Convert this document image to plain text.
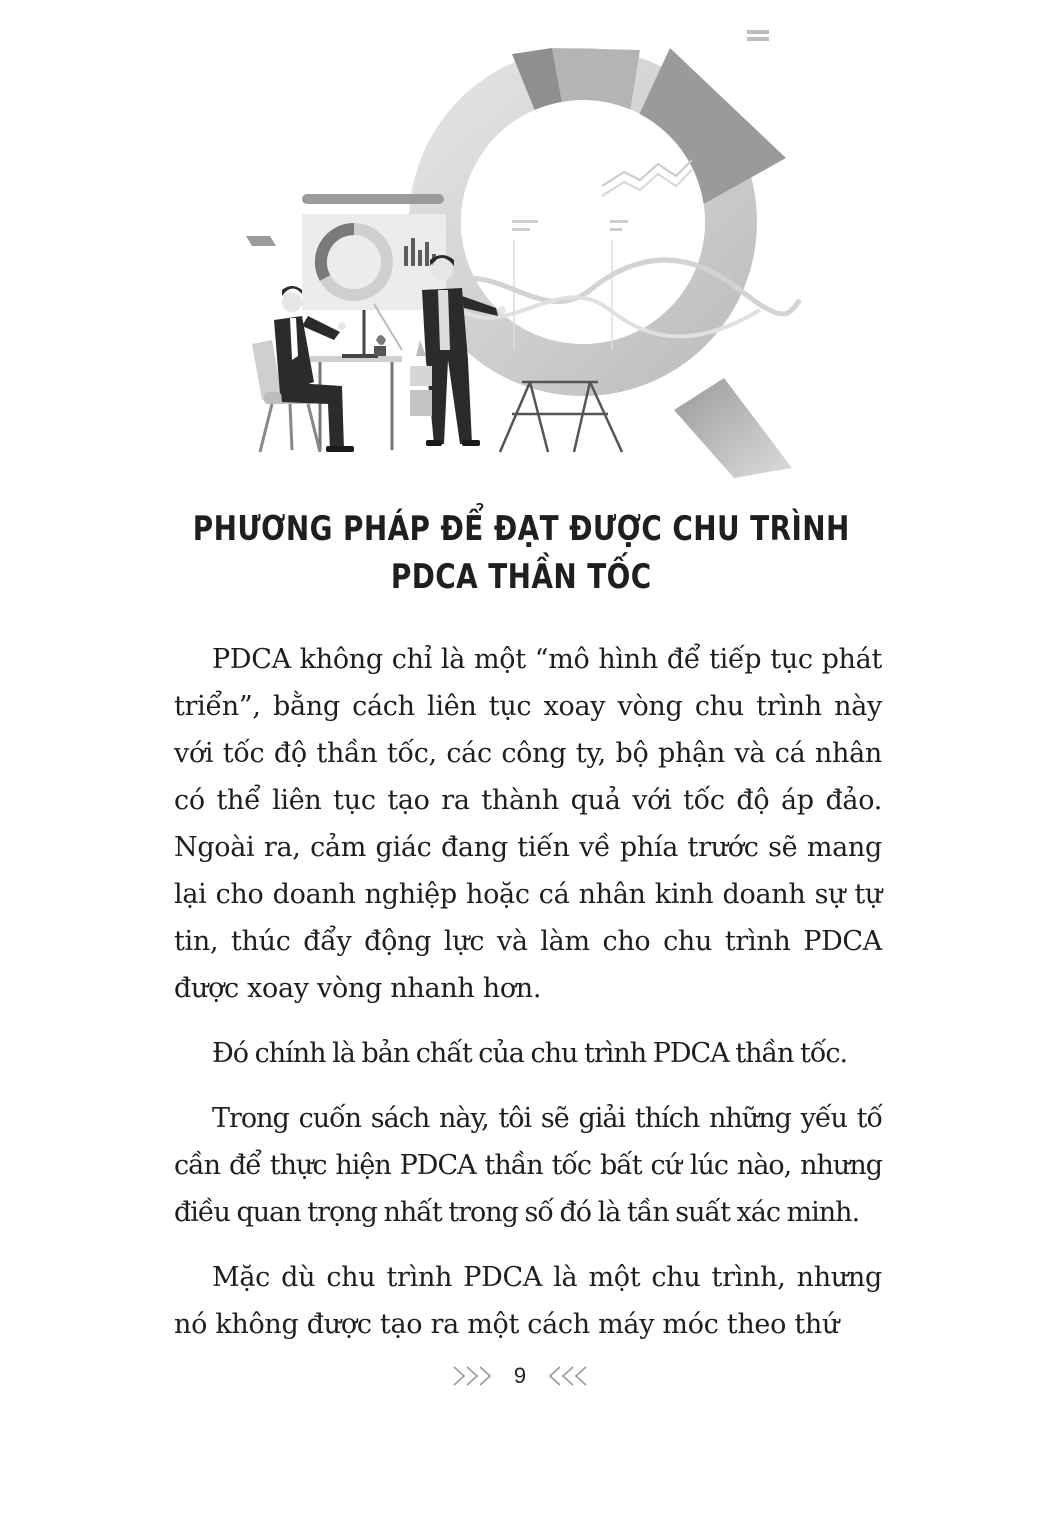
PHƯƠNG PHÁP ĐỂ ĐẠT ĐƯỢC CHU TRÌNH
PDCA THẦN TỐC

PDCA không chỉ là một “mô hình để tiếp tục phát triển”, bằng cách liên tục xoay vòng chu trình này với tốc độ thần tốc, các công ty, bộ phận và cá nhân có thể liên tục tạo ra thành quả với tốc độ áp đảo. Ngoài ra, cảm giác đang tiến về phía trước sẽ mang lại cho doanh nghiệp hoặc cá nhân kinh doanh sự tự tin, thúc đẩy động lực và làm cho chu trình PDCA được xoay vòng nhanh hơn.

Đó chính là bản chất của chu trình PDCA thần tốc.

Trong cuốn sách này, tôi sẽ giải thích những yếu tố cần để thực hiện PDCA thần tốc bất cứ lúc nào, nhưng điều quan trọng nhất trong số đó là tần suất xác minh.

Mặc dù chu trình PDCA là một chu trình, nhưng nó không được tạo ra một cách máy móc theo thứ

9
